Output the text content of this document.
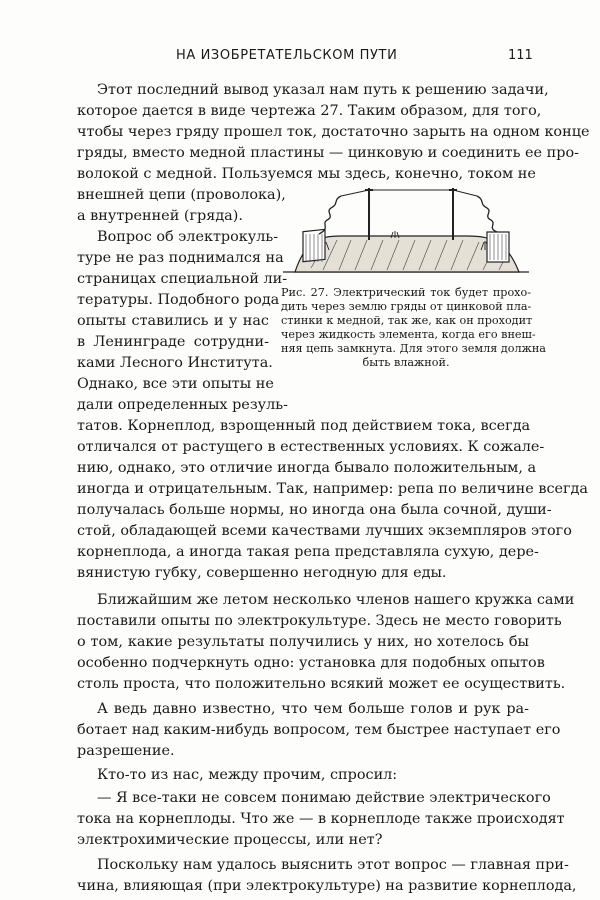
НА ИЗОБРЕТАТЕЛЬСКОМ ПУТИ	111
Этот последний вывод указал нам путь к решению задачи,
которое дается в виде чертежа 27. Таким образом, для того,
чтобы через гряду прошел ток, достаточно зарыть на одном конце
гряды, вместо медной пластины — цинковую и соединить ее про-
волокой с медной. Пользуемся мы здесь, конечно, током не
внешней цепи (проволока),
а внутренней (гряда).
Вопрос об электрокуль-
туре не раз поднимался на
страницах специальной ли-
тературы. Подобного рода
опыты ставились и у нас
в Ленинграде сотрудни-
ками Лесного Института.
Однако, все эти опыты не
дали определенных резуль-
татов. Корнеплод, взрощенный под действием тока, всегда
отличался от растущего в естественных условиях. К сожале-
нию, однако, это отличие иногда бывало положительным, а
иногда и отрицательным. Так, например: репа по величине всегда
получалась больше нормы, но иногда она была сочной, души-
стой, обладающей всеми качествами лучших экземпляров этого
корнеплода, а иногда такая репа представляла сухую, дере-
вянистую губку, совершенно негодную для еды.
Ближайшим же летом несколько членов нашего кружка сами
поставили опыты по электрокультуре. Здесь не место говорить
о том, какие результаты получились у них, но хотелось бы
особенно подчеркнуть одно: установка для подобных опытов
столь проста, что положительно всякий может ее осуществить.
А ведь давно известно, что чем больше голов и рук ра-
ботает над каким-нибудь вопросом, тем быстрее наступает его
разрешение.
Кто-то из нас, между прочим, спросил:
— Я все-таки не совсем понимаю действие электрического
тока на корнеплоды. Что же — в корнеплоде также происходят
электрохимические процессы, или нет?
Поскольку нам удалось выяснить этот вопрос — главная при-
чина, влияющая (при электрокультуре) на развитие корнеплода,
Рис. 27. Электрический ток будет прохо-
дить через землю гряды от цинковой пла-
стинки к медной, так же, как он проходит
через жидкость элемента, когда его внеш-
няя цепь замкнута. Для этого земля должна
быть влажной.
